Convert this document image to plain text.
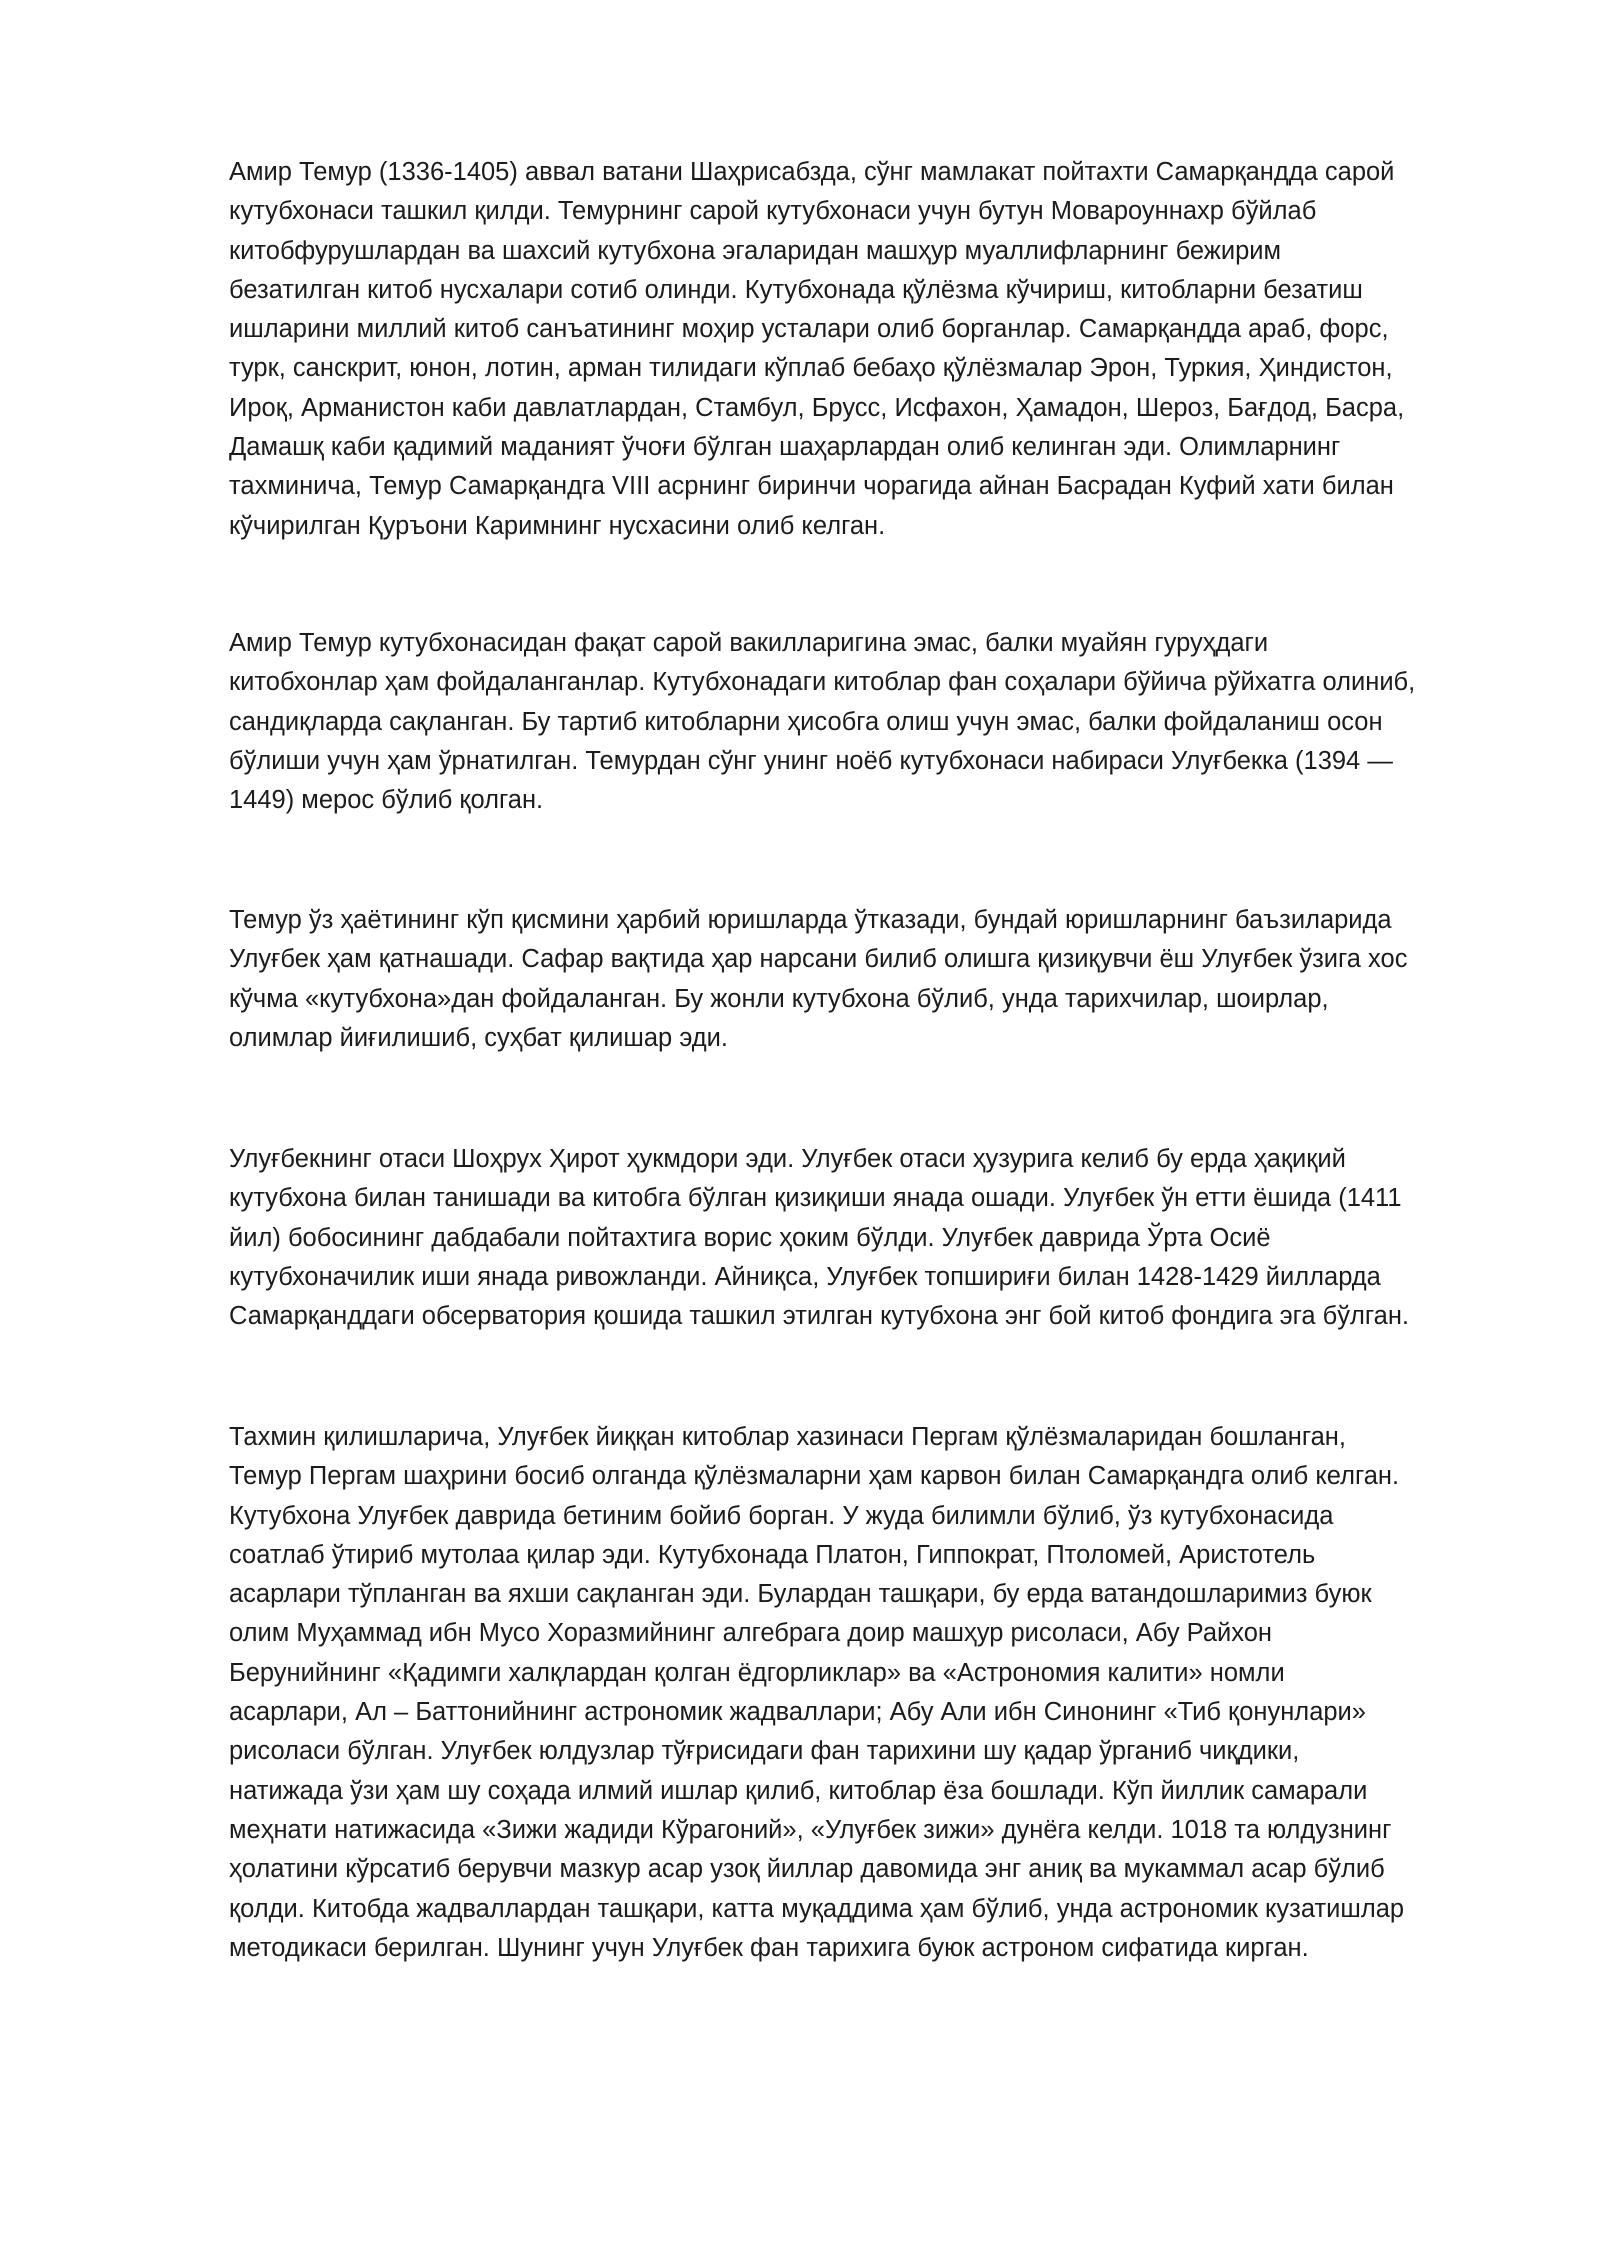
Амир Темур (1336-1405) аввал ватани Шаҳрисабзда, сўнг мамлакат пойтахти Самарқандда сарой
кутубхонаси ташкил қилди. Темурнинг сарой кутубхонаси учун бутун Мовароуннахр бўйлаб
китобфурушлардан ва шахсий кутубхона эгаларидан машҳур муаллифларнинг бежирим
безатилган китоб нусхалари сотиб олинди. Кутубхонада қўлёзма кўчириш, китобларни безатиш
ишларини миллий китоб санъатининг моҳир усталари олиб борганлар. Самарқандда араб, форс,
турк, санскрит, юнон, лотин, арман тилидаги кўплаб бебаҳо қўлёзмалар Эрон, Туркия, Ҳиндистон,
Ироқ, Арманистон каби давлатлардан, Стамбул, Брусс, Исфахон, Ҳамадон, Шероз, Бағдод, Басра,
Дамашқ каби қадимий маданият ўчоғи бўлган шаҳарлардан олиб келинган эди. Олимларнинг
тахминича, Темур Самарқандга VIII асрнинг биринчи чорагида айнан Басрадан Куфий хати билан
кўчирилган Қуръони Каримнинг нусхасини олиб келган.
Амир Темур кутубхонасидан фақат сарой вакилларигина эмас, балки муайян гуруҳдаги
китобхонлар ҳам фойдаланганлар. Кутубхонадаги китоблар фан соҳалари бўйича рўйхатга олиниб,
сандиқларда сақланган. Бу тартиб китобларни ҳисобга олиш учун эмас, балки фойдаланиш осон
бўлиши учун ҳам ўрнатилган. Темурдан сўнг унинг ноёб кутубхонаси набираси Улуғбекка (1394 —
1449) мерос бўлиб қолган.
Темур ўз ҳаётининг кўп қисмини ҳарбий юришларда ўтказади, бундай юришларнинг баъзиларида
Улуғбек ҳам қатнашади. Сафар вақтида ҳар нарсани билиб олишга қизиқувчи ёш Улуғбек ўзига хос
кўчма «кутубхона»дан фойдаланган. Бу жонли кутубхона бўлиб, унда тарихчилар, шоирлар,
олимлар йиғилишиб, суҳбат қилишар эди.
Улуғбекнинг отаси Шоҳрух Ҳирот ҳукмдори эди. Улуғбек отаси ҳузурига келиб бу ерда ҳақиқий
кутубхона билан танишади ва китобга бўлган қизиқиши янада ошади. Улуғбек ўн етти ёшида (1411
йил) бобосининг дабдабали пойтахтига ворис ҳоким бўлди. Улуғбек даврида Ўрта Осиё
кутубхоначилик иши янада ривожланди. Айниқса, Улуғбек топшириғи билан 1428-1429 йилларда
Самарқанддаги обсерватория қошида ташкил этилган кутубхона энг бой китоб фондига эга бўлган.
Тахмин қилишларича, Улуғбек йиққан китоблар хазинаси Пергам қўлёзмаларидан бошланган,
Темур Пергам шаҳрини босиб олганда қўлёзмаларни ҳам карвон билан Самарқандга олиб келган.
Кутубхона Улуғбек даврида бетиним бойиб борган. У жуда билимли бўлиб, ўз кутубхонасида
соатлаб ўтириб мутолаа қилар эди. Кутубхонада Платон, Гиппократ, Птоломей, Аристотель
асарлари тўпланган ва яхши сақланган эди. Булардан ташқари, бу ерда ватандошларимиз буюк
олим Муҳаммад ибн Мусо Хоразмийнинг алгебрага доир машҳур рисоласи, Абу Райхон
Берунийнинг «Қадимги халқлардан қолган ёдгорликлар» ва «Астрономия калити» номли
асарлари, Ал – Баттонийнинг астрономик жадваллари; Абу Али ибн Синонинг «Тиб қонунлари»
рисоласи бўлган. Улуғбек юлдузлар тўғрисидаги фан тарихини шу қадар ўрганиб чиқдики,
натижада ўзи ҳам шу соҳада илмий ишлар қилиб, китоблар ёза бошлади. Кўп йиллик самарали
меҳнати натижасида «Зижи жадиди Кўрагоний», «Улуғбек зижи» дунёга келди. 1018 та юлдузнинг
ҳолатини кўрсатиб берувчи мазкур асар узоқ йиллар давомида энг аниқ ва мукаммал асар бўлиб
қолди. Китобда жадваллардан ташқари, катта муқаддима ҳам бўлиб, унда астрономик кузатишлар
методикаси берилган. Шунинг учун Улуғбек фан тарихига буюк астроном сифатида кирган.
